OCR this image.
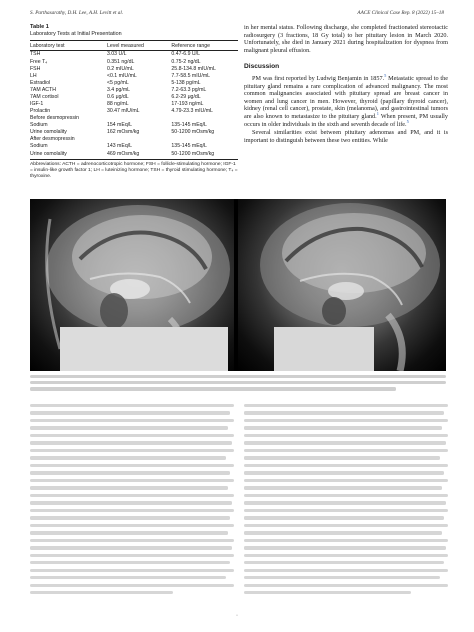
S. Parthasarathy, D.H. Lee, A.H. Levitt et al.	AACE Clinical Case Rep. 8 (2022) 15–18
Table 1
Laboratory Tests at Initial Presentation
Laboratory test	Level measured	Reference range
TSH	3.03 U/L	0.47-6.9 U/L
Free T₄	0.351 ng/dL	0.75-2 ng/dL
FSH	0.2 mIU/mL	25.8-134.8 mIU/mL
LH	<0.1 mIU/mL	7.7-58.5 mIU/mL
Estradiol	<5 pg/mL	5-138 pg/mL
7AM ACTH	3.4 pg/mL	7.2-63.3 pg/mL
7AM cortisol	0.6 μg/dL	6.2-29 μg/dL
IGF-1	88 ng/mL	17-193 ng/mL
Prolactin	30.47 mIU/mL	4.79-23.3 mIU/mL
Before desmopressin		
Sodium	154 mEq/L	135-145 mEq/L
Urine osmolality	162 mOsm/kg	50-1200 mOsm/kg
After desmopressin		
Sodium	143 mEq/L	135-145 mEq/L
Urine osmolality	469 mOsm/kg	50-1200 mOsm/kg
Abbreviations: ACTH = adrenocorticotropic hormone; FSH = follicle-stimulating hormone; IGF-1 = insulin-like growth factor 1; LH = luteinizing hormone; TSH = thyroid stimulating hormone; T₄ = thyroxine.

in her mental status. Following discharge, she completed fractionated stereotactic radiosurgery (3 fractions, 18 Gy total) to her pituitary lesion in March 2020. Unfortunately, she died in January 2021 during hospitalization for dyspnea from malignant pleural effusion.

Discussion

PM was first reported by Ludwig Benjamin in 1857.$^5$ Metastatic spread to the pituitary gland remains a rare complication of advanced malignancy. The most common malignancies associated with pituitary spread are breast cancer in women and lung cancer in men. However, thyroid (papillary thyroid cancer), kidney (renal cell cancer), prostate, skin (melanoma), and gastrointestinal tumors are also known to metastasize to the pituitary gland.$^1$ When present, PM usually occurs in older individuals in the sixth and seventh decade of life.$^5$

Several similarities exist between pituitary adenomas and PM, and it is important to distinguish between these two entities. While

•
